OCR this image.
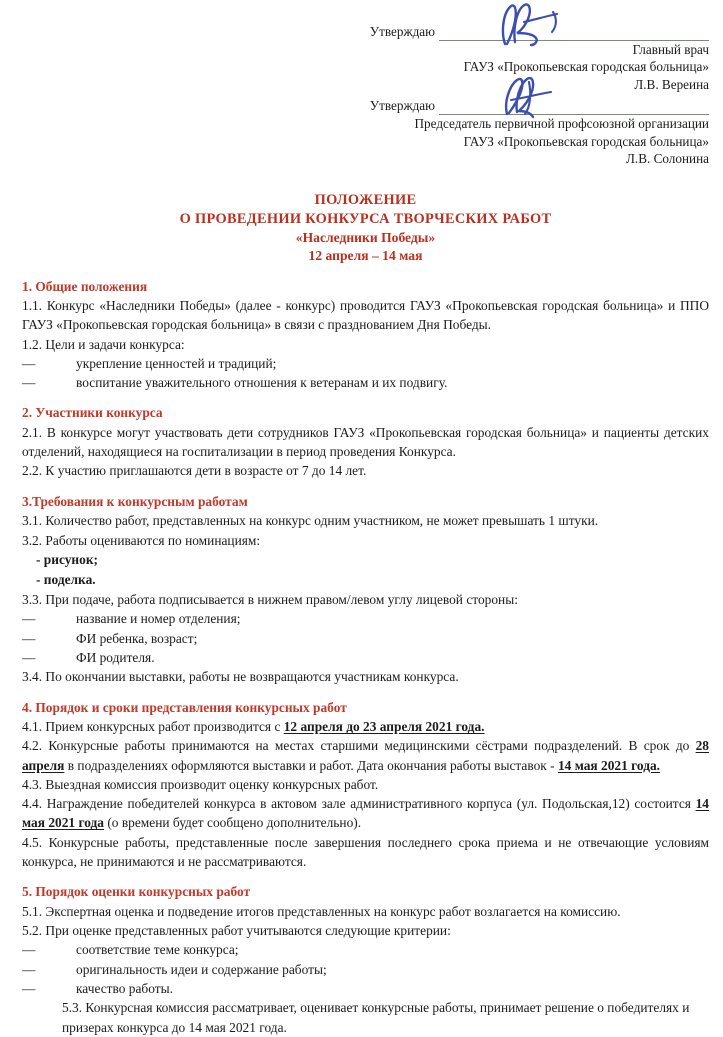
Утверждаю
Главный врач
ГАУЗ «Прокопьевская городская больница»
Л.В. Вереина
Утверждаю
Председатель первичной профсоюзной организации
ГАУЗ «Прокопьевская городская больница»
Л.В. Солонина
ПОЛОЖЕНИЕ
О ПРОВЕДЕНИИ КОНКУРСА ТВОРЧЕСКИХ РАБОТ
«Наследники Победы»
12 апреля – 14 мая
1. Общие положения

1.1. Конкурс «Наследники Победы» (далее - конкурс) проводится ГАУЗ «Прокопьевская городская больница» и ППО ГАУЗ «Прокопьевская городская больница» в связи с празднованием Дня Победы.

1.2. Цели и задачи конкурса:

—	укрепление ценностей и традиций;
—	воспитание уважительного отношения к ветеранам и их подвигу.
2. Участники конкурса

2.1. В конкурсе могут участвовать дети сотрудников ГАУЗ «Прокопьевская городская больница» и пациенты детских отделений, находящиеся на госпитализации в период проведения Конкурса.

2.2. К участию приглашаются дети в возрасте от 7 до 14 лет.

3.Требования к конкурсным работам

3.1. Количество работ, представленных на конкурс одним участником, не может превышать 1 штуки.

3.2. Работы оцениваются по номинациям:

- рисунок;
- поделка.

3.3. При подаче, работа подписывается в нижнем правом/левом углу лицевой стороны:

—	название и номер отделения;
—	ФИ ребенка, возраст;
—	ФИ родителя.

3.4. По окончании выставки, работы не возвращаются участникам конкурса.

4. Порядок и сроки представления конкурсных работ

4.1. Прием конкурсных работ производится с 12 апреля до 23 апреля 2021 года.

4.2. Конкурсные работы принимаются на местах старшими медицинскими сёстрами подразделений. В срок до 28 апреля в подразделениях оформляются выставки и работ. Дата окончания работы выставок - 14 мая 2021 года.

4.3. Выездная комиссия производит оценку конкурсных работ.

4.4. Награждение победителей конкурса в актовом зале административного корпуса (ул. Подольская,12) состоится 14 мая 2021 года (о времени будет сообщено дополнительно).

4.5. Конкурсные работы, представленные после завершения последнего срока приема и не отвечающие условиям конкурса, не принимаются и не рассматриваются.

5. Порядок оценки конкурсных работ

5.1. Экспертная оценка и подведение итогов представленных на конкурс работ возлагается на комиссию.

5.2. При оценке представленных работ учитываются следующие критерии:

—	соответствие теме конкурса;
—	оригинальность идеи и содержание работы;
—	качество работы.

5.3. Конкурсная комиссия рассматривает, оценивает конкурсные работы, принимает решение о победителях и призерах конкурса до 14 мая 2021 года.
